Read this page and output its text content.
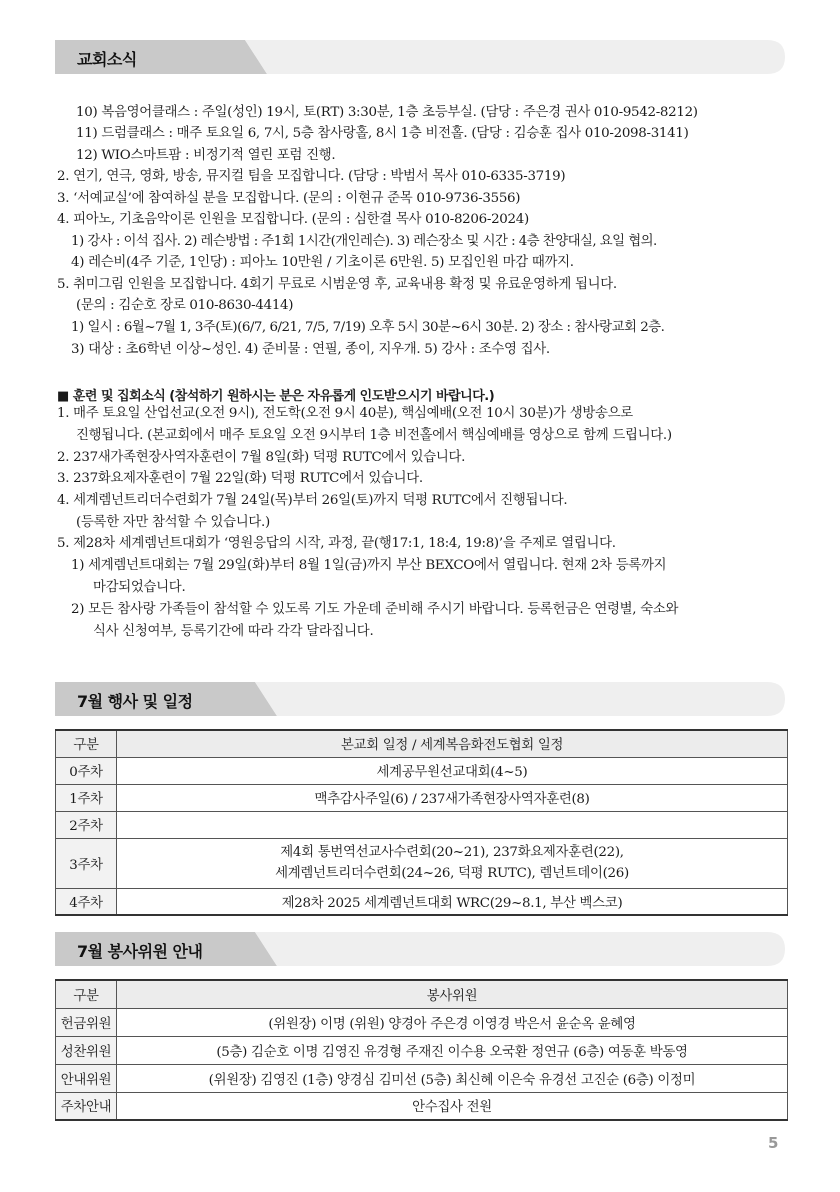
교회소식
10) 복음영어클래스 : 주일(성인) 19시, 토(RT) 3:30분, 1층 초등부실. (담당 : 주은경 권사 010-9542-8212)
11) 드럼클래스 : 매주 토요일 6, 7시, 5층 참사랑홀, 8시 1층 비전홀. (담당 : 김승훈 집사 010-2098-3141)
12) WIO스마트팜 : 비정기적 열린 포럼 진행.
2. 연기, 연극, 영화, 방송, 뮤지컬 팀을 모집합니다. (담당 : 박범서 목사 010-6335-3719)
3. ‘서예교실’에 참여하실 분을 모집합니다. (문의 : 이현규 준목 010-9736-3556)
4. 피아노, 기초음악이론 인원을 모집합니다. (문의 : 심한결 목사 010-8206-2024)
1) 강사 : 이석 집사. 2) 레슨방법 : 주1회 1시간(개인레슨). 3) 레슨장소 및 시간 : 4층 찬양대실, 요일 협의.
4) 레슨비(4주 기준, 1인당) : 피아노 10만원 / 기초이론 6만원. 5) 모집인원 마감 때까지.
5. 취미그림 인원을 모집합니다. 4회기 무료로 시범운영 후, 교육내용 확정 및 유료운영하게 됩니다.
(문의 : 김순호 장로 010-8630-4414)
1) 일시 : 6월~7월 1, 3주(토)(6/7, 6/21, 7/5, 7/19) 오후 5시 30분~6시 30분. 2) 장소 : 참사랑교회 2층.
3) 대상 : 초6학년 이상~성인. 4) 준비물 : 연필, 종이, 지우개. 5) 강사 : 조수영 집사.
■ 훈련 및 집회소식 (참석하기 원하시는 분은 자유롭게 인도받으시기 바랍니다.)
1. 매주 토요일 산업선교(오전 9시), 전도학(오전 9시 40분), 핵심예배(오전 10시 30분)가 생방송으로
진행됩니다. (본교회에서 매주 토요일 오전 9시부터 1층 비전홀에서 핵심예배를 영상으로 함께 드립니다.)
2. 237새가족현장사역자훈련이 7월 8일(화) 덕평 RUTC에서 있습니다.
3. 237화요제자훈련이 7월 22일(화) 덕평 RUTC에서 있습니다.
4. 세계렘넌트리더수련회가 7월 24일(목)부터 26일(토)까지 덕평 RUTC에서 진행됩니다.
(등록한 자만 참석할 수 있습니다.)
5. 제28차 세계렘넌트대회가 ‘영원응답의 시작, 과정, 끝(행17:1, 18:4, 19:8)’을 주제로 열립니다.
1) 세계렘넌트대회는 7월 29일(화)부터 8월 1일(금)까지 부산 BEXCO에서 열립니다. 현재 2차 등록까지
마감되었습니다.
2) 모든 참사랑 가족들이 참석할 수 있도록 기도 가운데 준비해 주시기 바랍니다. 등록헌금은 연령별, 숙소와
식사 신청여부, 등록기간에 따라 각각 달라집니다.
7월 행사 및 일정
구분	본교회 일정 / 세계복음화전도협회 일정
0주차	세계공무원선교대회(4~5)
1주차	맥추감사주일(6) / 237새가족현장사역자훈련(8)
2주차	
3주차	제4회 통번역선교사수련회(20~21), 237화요제자훈련(22),
세계렘넌트리더수련회(24~26, 덕평 RUTC), 렘넌트데이(26)

4주차	제28차 2025 세계렘넌트대회 WRC(29~8.1, 부산 벡스코)
7월 봉사위원 안내
구분	봉사위원
헌금위원	(위원장) 이명 (위원) 양경아 주은경 이영경 박은서 윤순옥 윤혜영
성찬위원	(5층) 김순호 이명 김영진 유경형 주재진 이수용 오국환 정연규 (6층) 여동훈 박동영
안내위원	(위원장) 김영진 (1층) 양경심 김미선 (5층) 최신혜 이은숙 유경선 고진순 (6층) 이정미
주차안내	안수집사 전원
5
